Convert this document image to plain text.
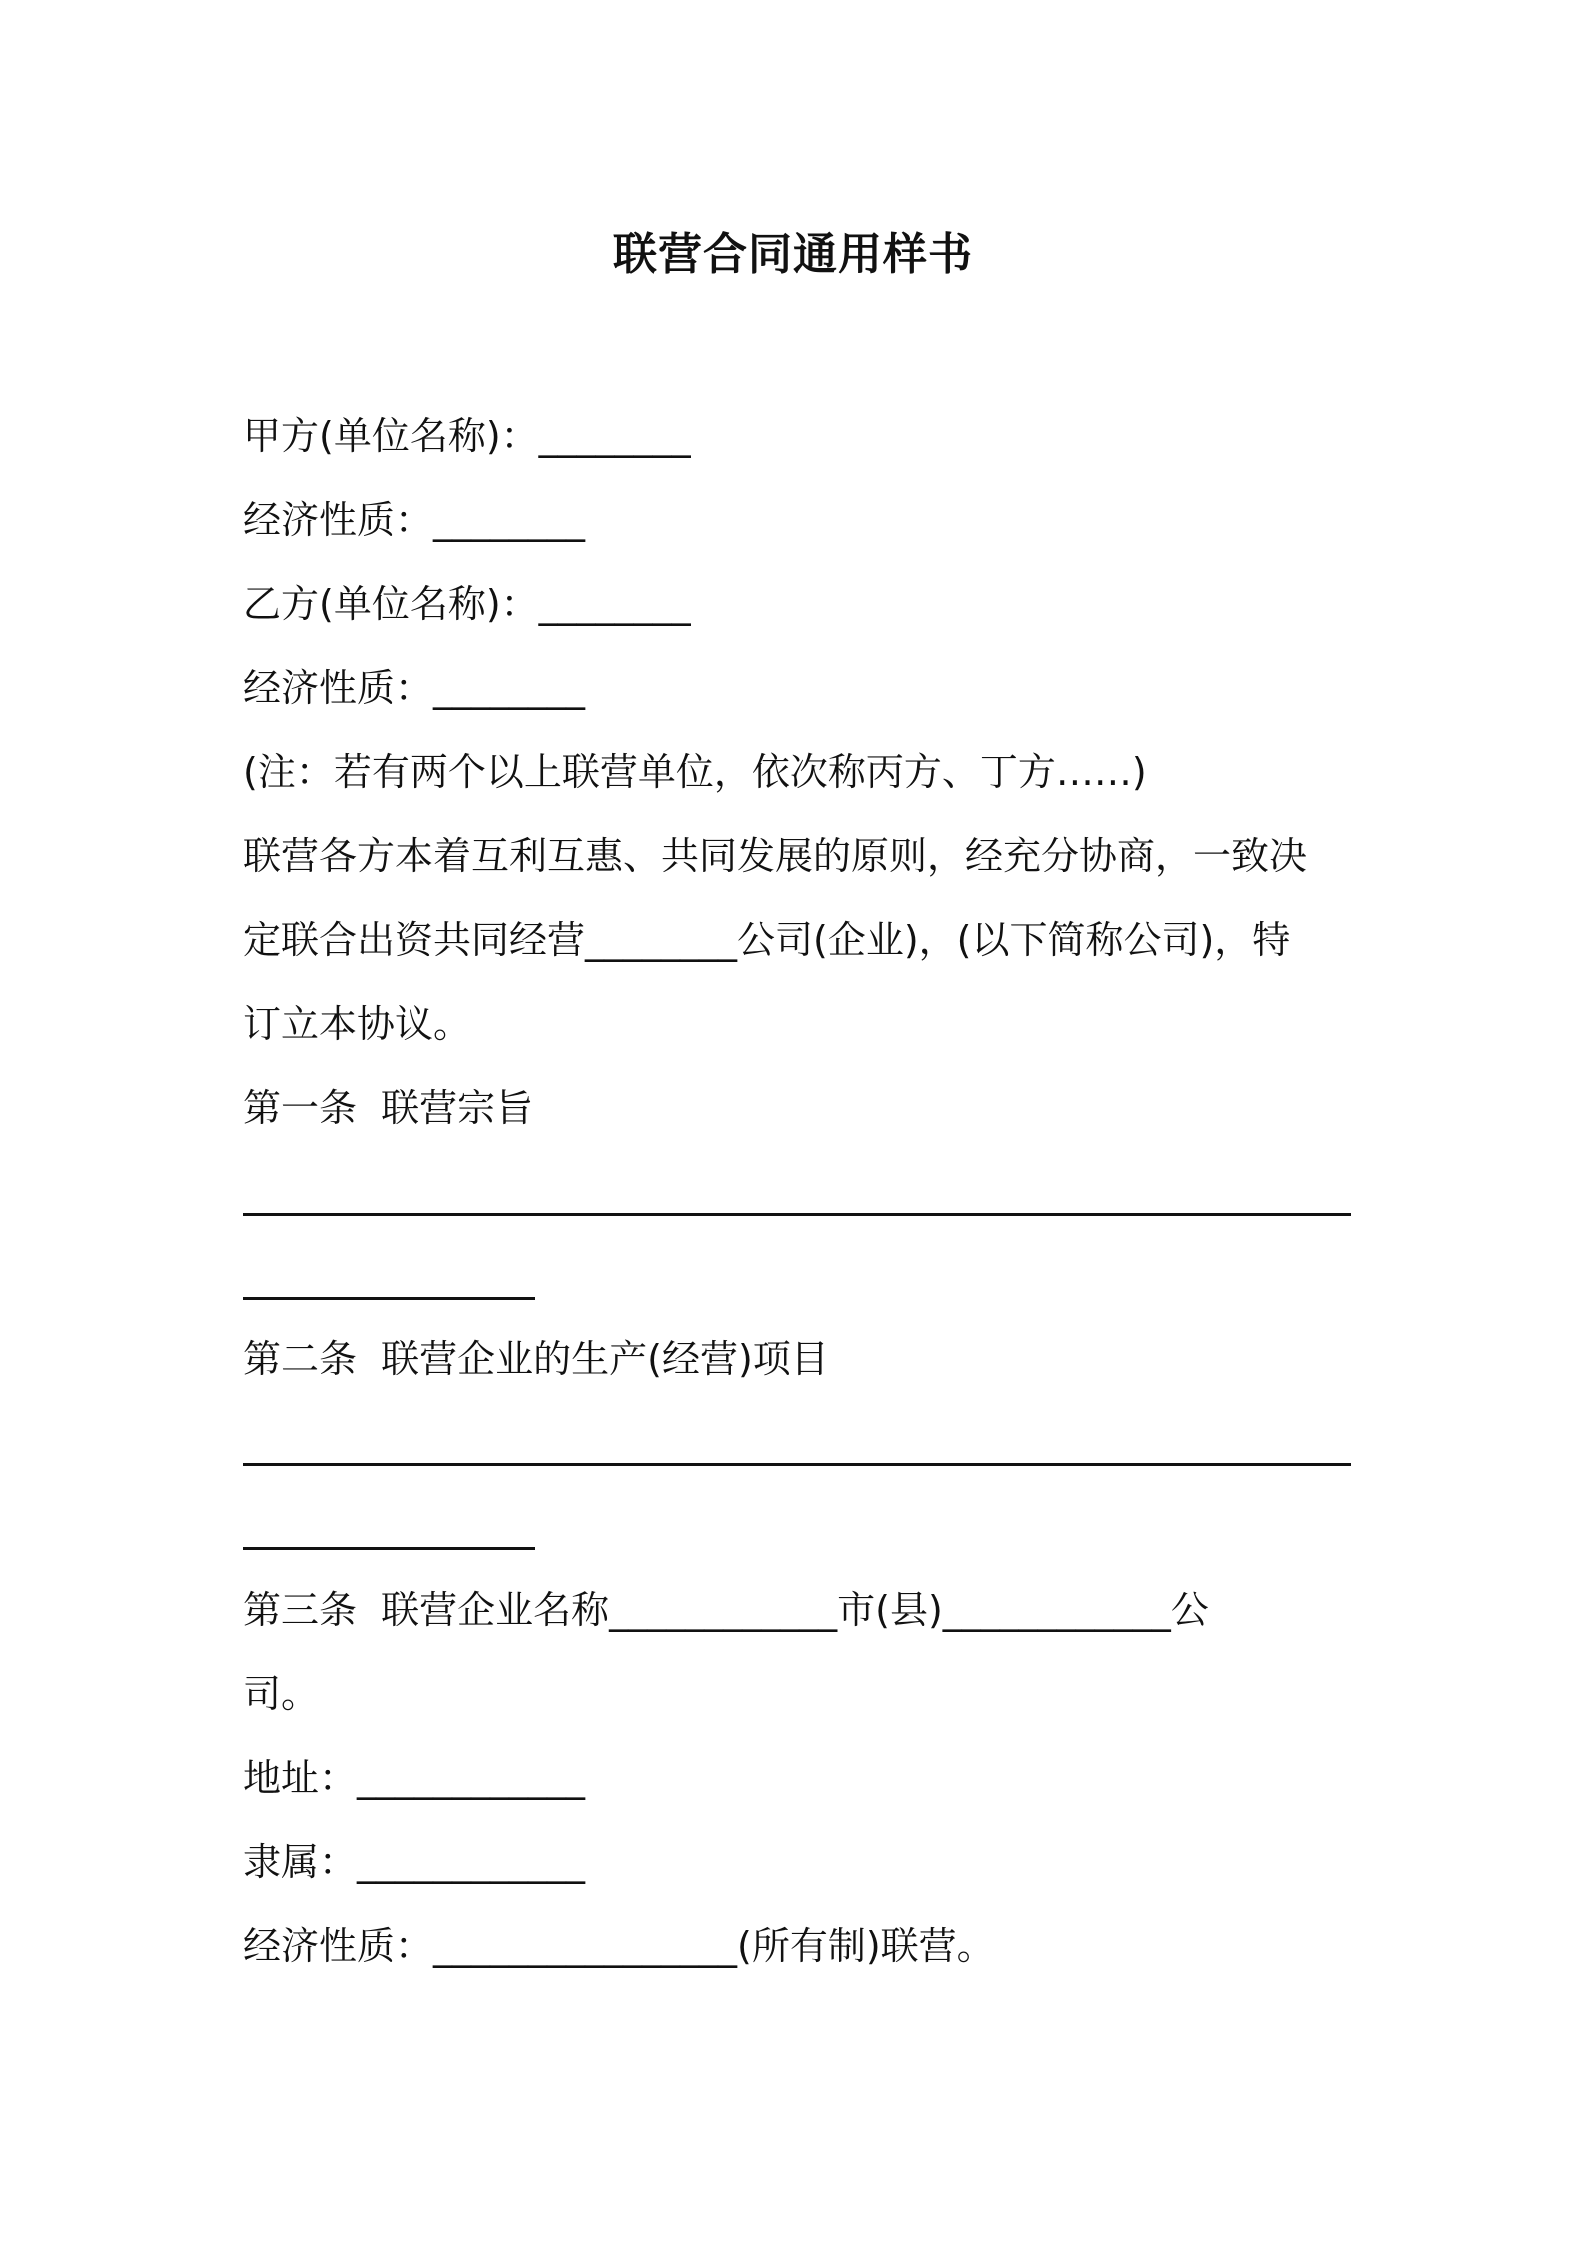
联营合同通用样书
甲方(单位名称)：________
经济性质：________
乙方(单位名称)：________
经济性质：________
(注：若有两个以上联营单位，依次称丙方、丁方……)
联营各方本着互利互惠、共同发展的原则，经充分协商，一致决
定联合出资共同经营________公司(企业)，(以下简称公司)，特
订立本协议。
第一条  联营宗旨
第二条  联营企业的生产(经营)项目
第三条  联营企业名称____________市(县)____________公
司。
地址：____________
隶属：____________
经济性质：________________(所有制)联营。
